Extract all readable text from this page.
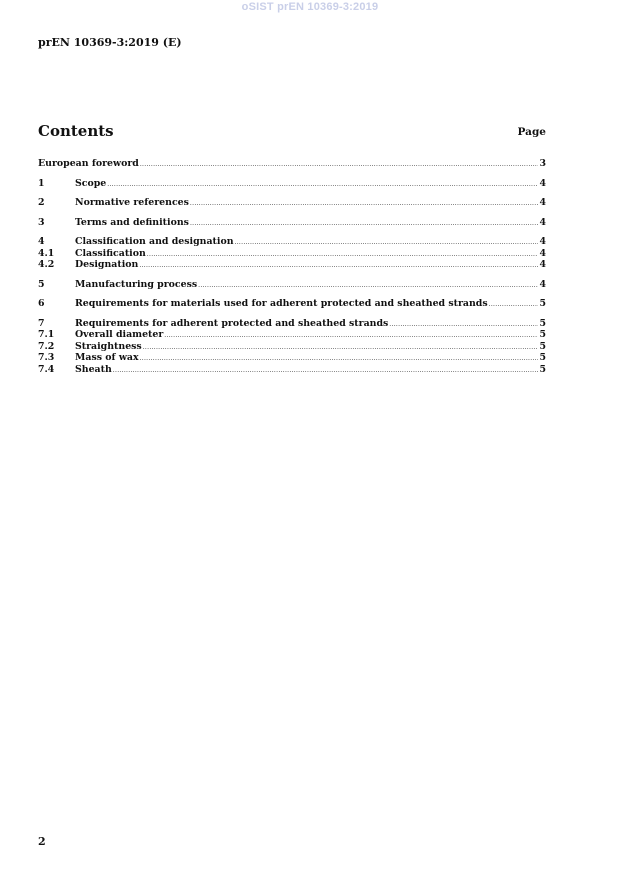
oSIST prEN 10369-3:2019
prEN 10369-3:2019 (E)
Contents	Page
European foreword .....	3
1	Scope .....	4
2	Normative references .....	4
3	Terms and definitions .....	4
4	Classification and designation .....	4
4.1	Classification .....	4
4.2	Designation .....	4
5	Manufacturing process .....	4
6	Requirements for materials used for adherent protected and sheathed strands .....	5
7	Requirements for adherent protected and sheathed strands .....	5
7.1	Overall diameter .....	5
7.2	Straightness .....	5
7.3	Mass of wax .....	5
7.4	Sheath .....	5
2
